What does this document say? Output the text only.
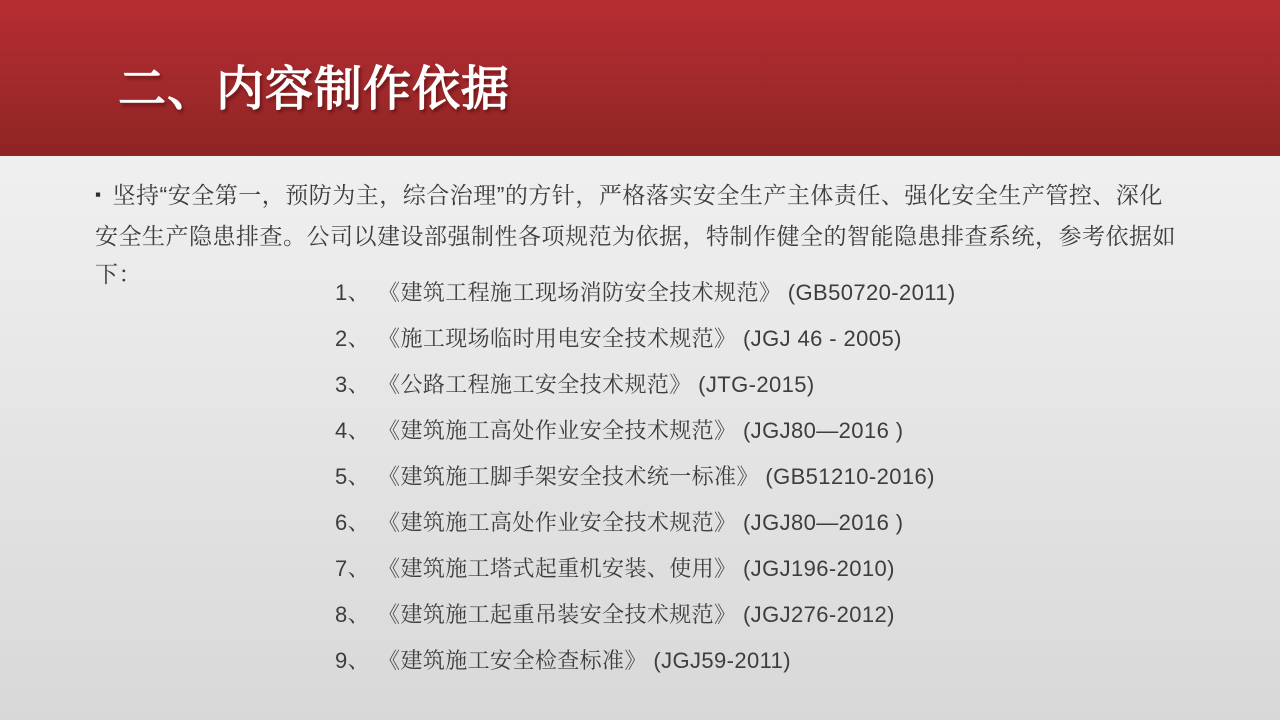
二、内容制作依据
▪ 坚持“安全第一，预防为主，综合治理”的方针，严格落实安全生产主体责任、强化安全生产管控、深化安全生产隐患排查。公司以建设部强制性各项规范为依据，特制作健全的智能隐患排查系统，参考依据如下：
1、 《建筑工程施工现场消防安全技术规范》 (GB50720-2011)
2、 《施工现场临时用电安全技术规范》 (JGJ 46 - 2005)
3、 《公路工程施工安全技术规范》 (JTG-2015)
4、 《建筑施工高处作业安全技术规范》 (JGJ80—2016 )
5、 《建筑施工脚手架安全技术统一标准》 (GB51210-2016)
6、 《建筑施工高处作业安全技术规范》 (JGJ80—2016 )
7、 《建筑施工塔式起重机安装、使用》 (JGJ196-2010)
8、 《建筑施工起重吊装安全技术规范》 (JGJ276-2012)
9、 《建筑施工安全检查标准》 (JGJ59-2011)
